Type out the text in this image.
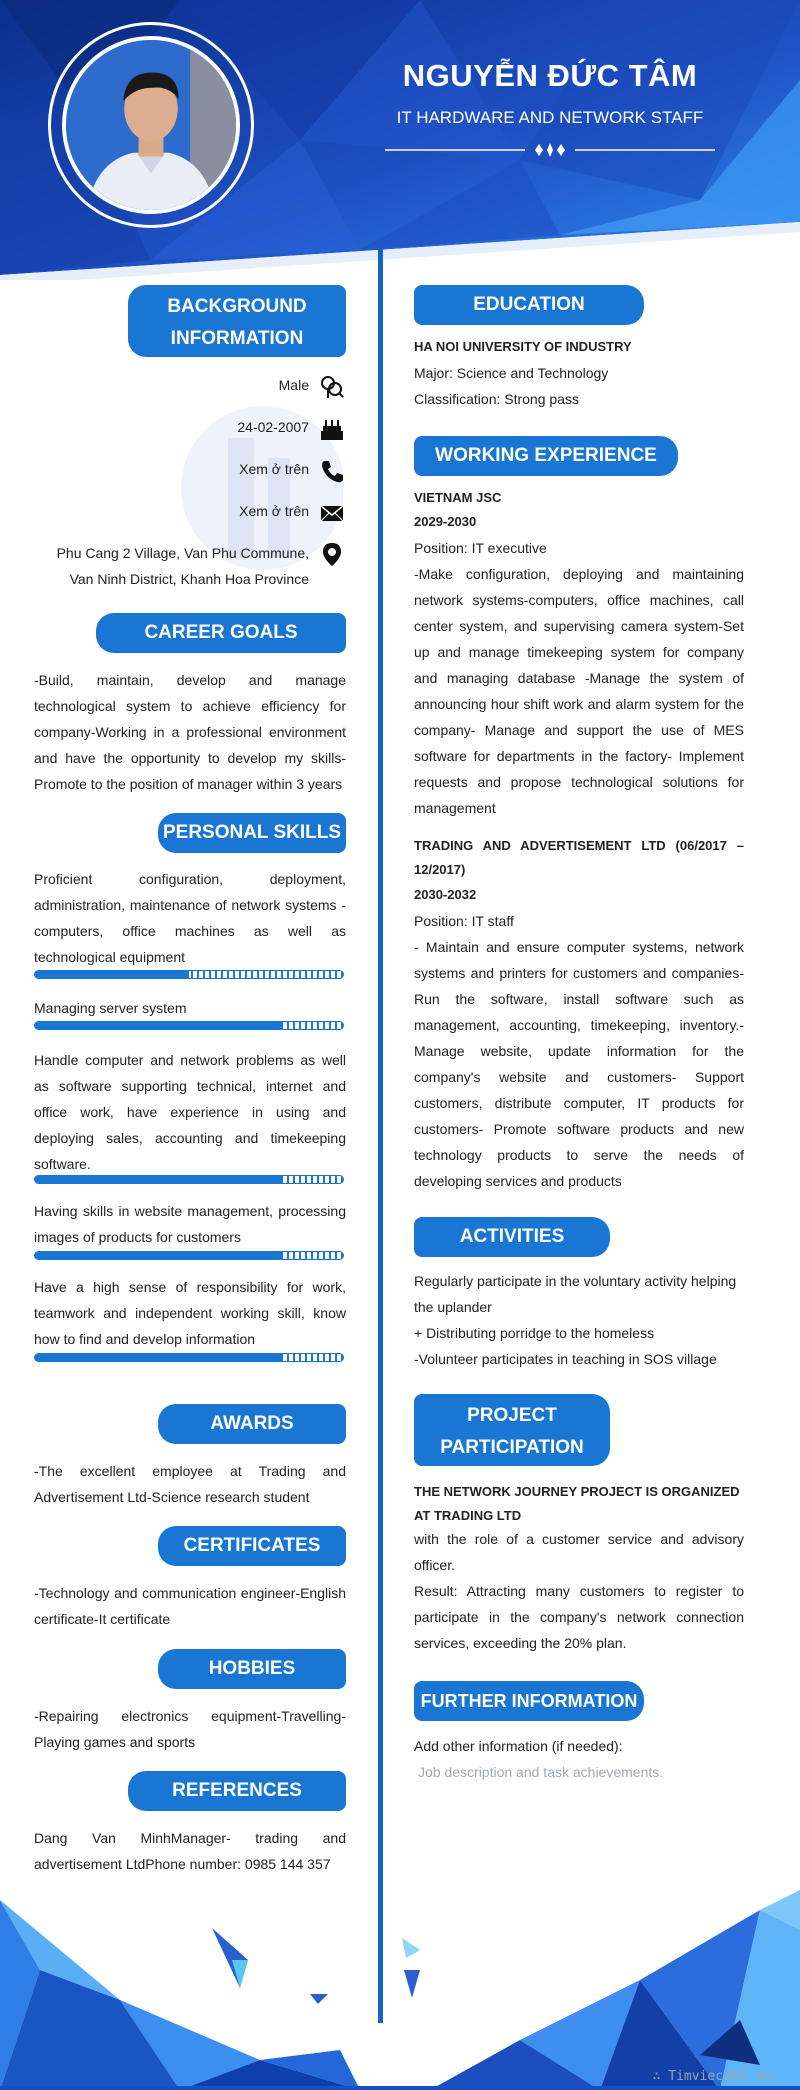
NGUYỄN ĐỨC TÂM
IT HARDWARE AND NETWORK STAFF
BACKGROUND
INFORMATION
Male
24-02-2007
Xem ở trên
Xem ở trên
Phu Cang 2 Village, Van Phu Commune,
Van Ninh District, Khanh Hoa Province
CAREER GOALS
-Build, maintain, develop and manage technological system to achieve efficiency for company-Working in a professional environment and have the opportunity to develop my skills-Promote to the position of manager within 3 years
PERSONAL SKILLS
Proficient configuration, deployment, administration, maintenance of network systems - computers, office machines as well as technological equipment
Managing server system
Handle computer and network problems as well as software supporting technical, internet and office work, have experience in using and deploying sales, accounting and timekeeping software.
Having skills in website management, processing images of products for customers
Have a high sense of responsibility for work, teamwork and independent working skill, know how to find and develop information
AWARDS
-The excellent employee at Trading and Advertisement Ltd-Science research student
CERTIFICATES
-Technology and communication engineer-English certificate-It certificate
HOBBIES
-Repairing electronics equipment-Travelling-Playing games and sports
REFERENCES
Dang Van MinhManager- trading and advertisement LtdPhone number: 0985 144 357
EDUCATION
HA NOI UNIVERSITY OF INDUSTRY
Major: Science and Technology
Classification: Strong pass
WORKING EXPERIENCE
VIETNAM JSC
2029-2030
Position: IT executive
-Make configuration, deploying and maintaining network systems-computers, office machines, call center system, and supervising camera system-Set up and manage timekeeping system for company and managing database -Manage the system of announcing hour shift work and alarm system for the company- Manage and support the use of MES software for departments in the factory- Implement requests and propose technological solutions for management
TRADING AND ADVERTISEMENT LTD (06/2017 – 12/2017)
2030-2032
Position: IT staff
- Maintain and ensure computer systems, network systems and printers for customers and companies-Run the software, install software such as management, accounting, timekeeping, inventory.-Manage website, update information for the company's website and customers- Support customers, distribute computer, IT products for customers- Promote software products and new technology products to serve the needs of developing services and products
ACTIVITIES
Regularly participate in the voluntary activity helping the uplander
+ Distributing porridge to the homeless
-Volunteer participates in teaching in SOS village
PROJECT
PARTICIPATION
THE NETWORK JOURNEY PROJECT IS ORGANIZED AT TRADING LTD
with the role of a customer service and advisory officer.
Result: Attracting many customers to register to participate in the company's network connection services, exceeding the 20% plan.
FURTHER INFORMATION
Add other information (if needed):
Job description and task achievements.
∴ Timviec365.vn
